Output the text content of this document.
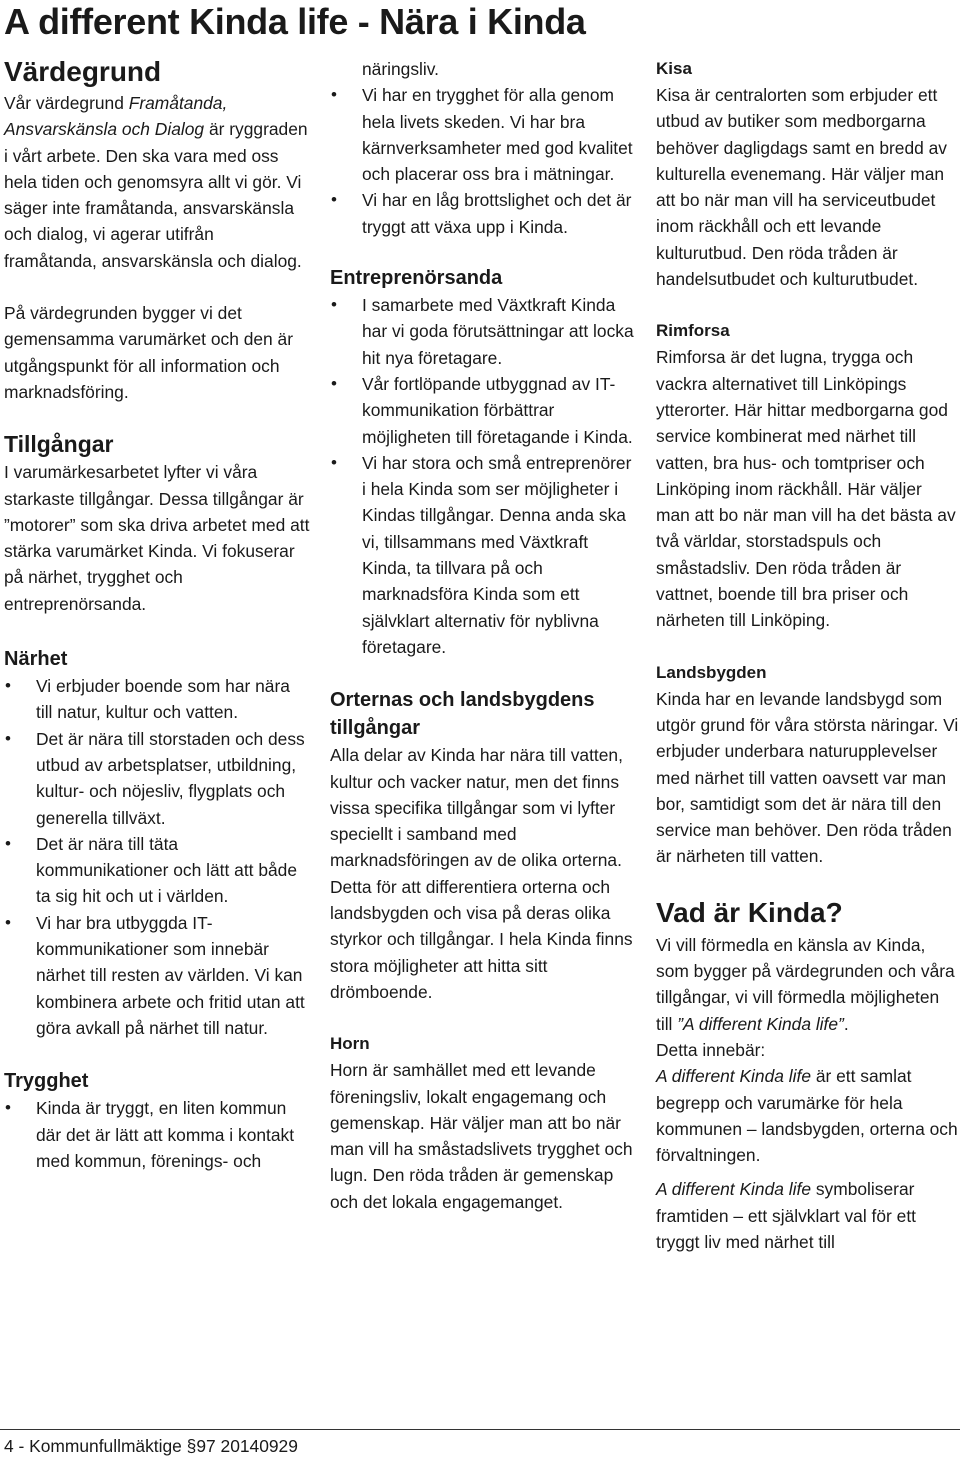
A different Kinda life - Nära i Kinda
Värdegrund

Vår värdegrund Framåtanda, Ansvarskänsla och Dialog är ryggraden i vårt arbete. Den ska vara med oss hela tiden och genomsyra allt vi gör. Vi säger inte framåtanda, ansvarskänsla och dialog, vi agerar utifrån framåtanda, ansvarskänsla och dialog.

På värdegrunden bygger vi det gemensamma varumärket och den är utgångspunkt för all information och marknadsföring.

Tillgångar

I varumärkesarbetet lyfter vi våra starkaste tillgångar. Dessa tillgångar är ”motorer” som ska driva arbetet med att stärka varumärket Kinda. Vi fokuserar på närhet, trygghet och entreprenörsanda.

Närhet
• Vi erbjuder boende som har nära till natur, kultur och vatten.
• Det är nära till storstaden och dess utbud av arbetsplatser, utbildning, kultur- och nöjesliv, flygplats och generella tillväxt.
• Det är nära till täta kommunikationer och lätt att både ta sig hit och ut i världen.
• Vi har bra utbyggda IT-kommunikationer som innebär närhet till resten av världen. Vi kan kombinera arbete och fritid utan att göra avkall på närhet till natur.
Trygghet
• Kinda är tryggt, en liten kommun där det är lätt att komma i kontakt med kommun, förenings- och

näringsliv.

• Vi har en trygghet för alla genom hela livets skeden. Vi har bra kärnverksamheter med god kvalitet och placerar oss bra i mätningar.
• Vi har en låg brottslighet och det är tryggt att växa upp i Kinda.
Entreprenörsanda
• I samarbete med Växtkraft Kinda har vi goda förutsättningar att locka hit nya företagare.
• Vår fortlöpande utbyggnad av IT-kommunikation förbättrar möjligheten till företagande i Kinda.
• Vi har stora och små entreprenörer i hela Kinda som ser möjligheter i Kindas tillgångar. Denna anda ska vi, tillsammans med Växtkraft Kinda, ta tillvara på och marknadsföra Kinda som ett självklart alternativ för nyblivna företagare.
Orternas och landsbygdens tillgångar

Alla delar av Kinda har nära till vatten, kultur och vacker natur, men det finns vissa specifika tillgångar som vi lyfter speciellt i samband med marknadsföringen av de olika orterna. Detta för att differentiera orterna och landsbygden och visa på deras olika styrkor och tillgångar. I hela Kinda finns stora möjligheter att hitta sitt drömboende.

Horn

Horn är samhället med ett levande föreningsliv, lokalt engagemang och gemenskap. Här väljer man att bo när man vill ha småstadslivets trygghet och lugn. Den röda tråden är gemenskap och det lokala engagemanget.

Kisa

Kisa är centralorten som erbjuder ett utbud av butiker som medborgarna behöver dagligdags samt en bredd av kulturella evenemang. Här väljer man att bo när man vill ha serviceutbudet inom räckhåll och ett levande kulturutbud. Den röda tråden är handelsutbudet och kulturutbudet.

Rimforsa

Rimforsa är det lugna, trygga och vackra alternativet till Linköpings ytterorter. Här hittar medborgarna god service kombinerat med närhet till vatten, bra hus- och tomtpriser och Linköping inom räckhåll. Här väljer man att bo när man vill ha det bästa av två världar, storstadspuls och småstadsliv. Den röda tråden är vattnet, boende till bra priser och närheten till Linköping.

Landsbygden

Kinda har en levande landsbygd som utgör grund för våra största näringar. Vi erbjuder underbara naturupplevelser med närhet till vatten oavsett var man bor, samtidigt som det är nära till den service man behöver. Den röda tråden är närheten till vatten.

Vad är Kinda?

Vi vill förmedla en känsla av Kinda, som bygger på värdegrunden och våra tillgångar, vi vill förmedla möjligheten till ”A different Kinda life”.

Detta innebär:

A different Kinda life är ett samlat begrepp och varumärke för hela kommunen – landsbygden, orterna och förvaltningen.

A different Kinda life symboliserar framtiden – ett självklart val för ett tryggt liv med närhet till

4 - Kommunfullmäktige §97 20140929
